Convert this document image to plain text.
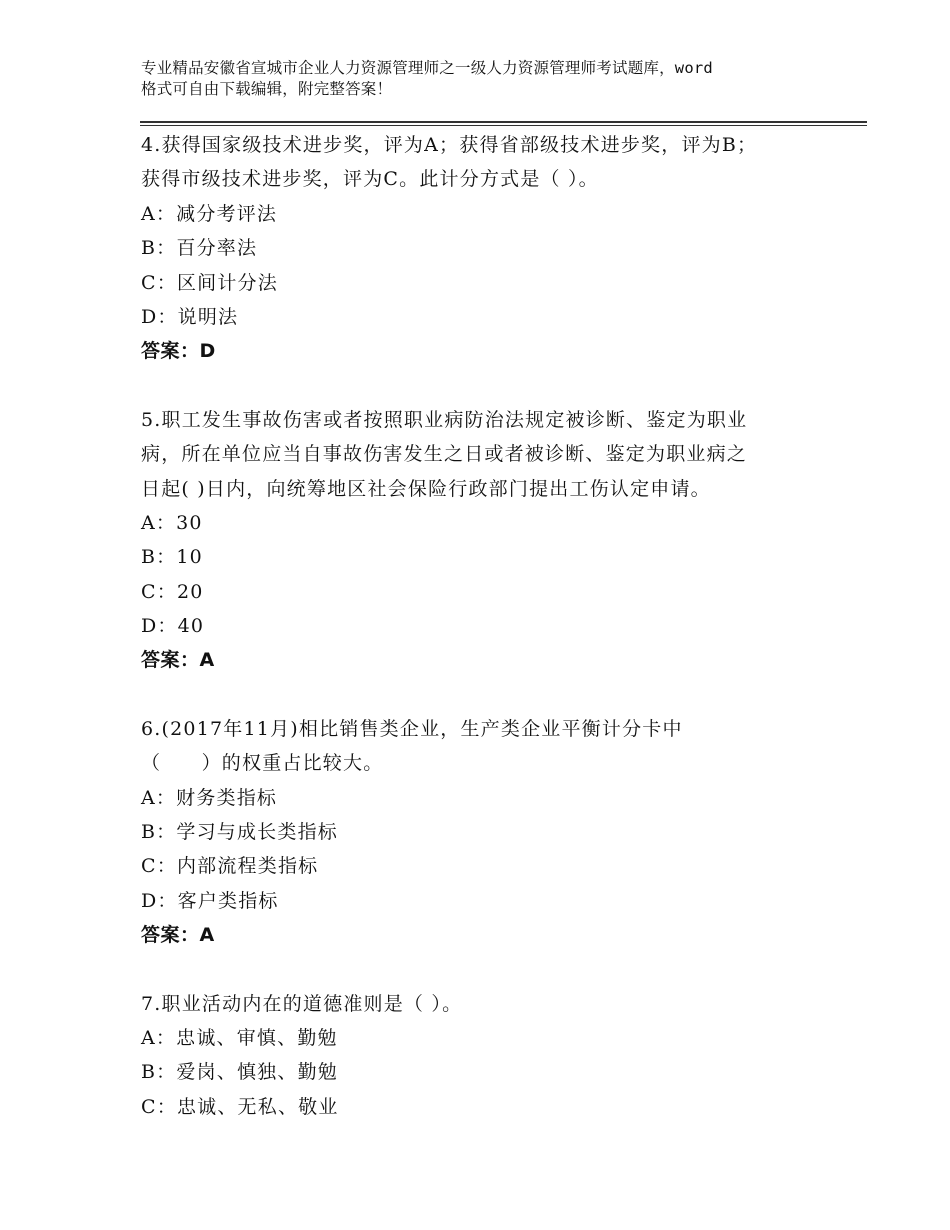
专业精品安徽省宣城市企业人力资源管理师之一级人力资源管理师考试题库，word
格式可自由下载编辑，附完整答案！
4.获得国家级技术进步奖，评为A；获得省部级技术进步奖，评为B；
获得市级技术进步奖，评为C。此计分方式是（ ）。
A：减分考评法
B：百分率法
C：区间计分法
D：说明法
答案：D
5.职工发生事故伤害或者按照职业病防治法规定被诊断、鉴定为职业
病，所在单位应当自事故伤害发生之日或者被诊断、鉴定为职业病之
日起( )日内，向统筹地区社会保险行政部门提出工伤认定申请。
A：30
B：10
C：20
D：40
答案：A
6.(2017年11月)相比销售类企业，生产类企业平衡计分卡中
（　　）的权重占比较大。
A：财务类指标
B：学习与成长类指标
C：内部流程类指标
D：客户类指标
答案：A
7.职业活动内在的道德准则是（ ）。
A：忠诚、审慎、勤勉
B：爱岗、慎独、勤勉
C：忠诚、无私、敬业
